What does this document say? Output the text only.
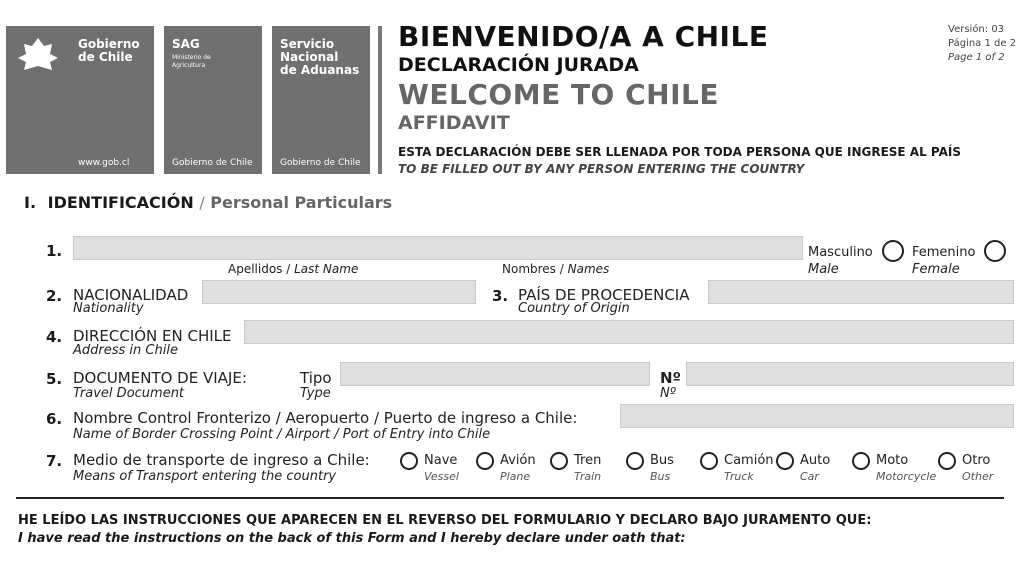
Gobierno
de Chile
www.gob.cl
SAG
Ministerio de Agricultura
Gobierno de Chile
Servicio
Nacional
de Aduanas
Gobierno de Chile
BIENVENIDO/A A CHILE
DECLARACIÓN JURADA
WELCOME TO CHILE
AFFIDAVIT
ESTA DECLARACIÓN DEBE SER LLENADA POR TODA PERSONA QUE INGRESE AL PAÍS
TO BE FILLED OUT BY ANY PERSON ENTERING THE COUNTRY
Versión: 03
Página 1 de 2
Page 1 of 2
I. IDENTIFICACIÓN / Personal Particulars
1.
Apellidos / Last Name	Nombres / Names
Masculino
Male
Femenino
Female
2. NACIONALIDAD
Nationality
3. PAÍS DE PROCEDENCIA
Country of Origin
4. DIRECCIÓN EN CHILE
Address in Chile
5. DOCUMENTO DE VIAJE:
Travel Document
Tipo
Type
Nº
Nº
6. Nombre Control Fronterizo / Aeropuerto / Puerto de ingreso a Chile:
Name of Border Crossing Point / Airport / Port of Entry into Chile
7. Medio de transporte de ingreso a Chile:
Means of Transport entering the country
Nave
Vessel
Avión
Plane
Tren
Train
Bus
Bus
Camión
Truck
Auto
Car
Moto
Motorcycle
Otro
Other
HE LEÍDO LAS INSTRUCCIONES QUE APARECEN EN EL REVERSO DEL FORMULARIO Y DECLARO BAJO JURAMENTO QUE:
I have read the instructions on the back of this Form and I hereby declare under oath that:
